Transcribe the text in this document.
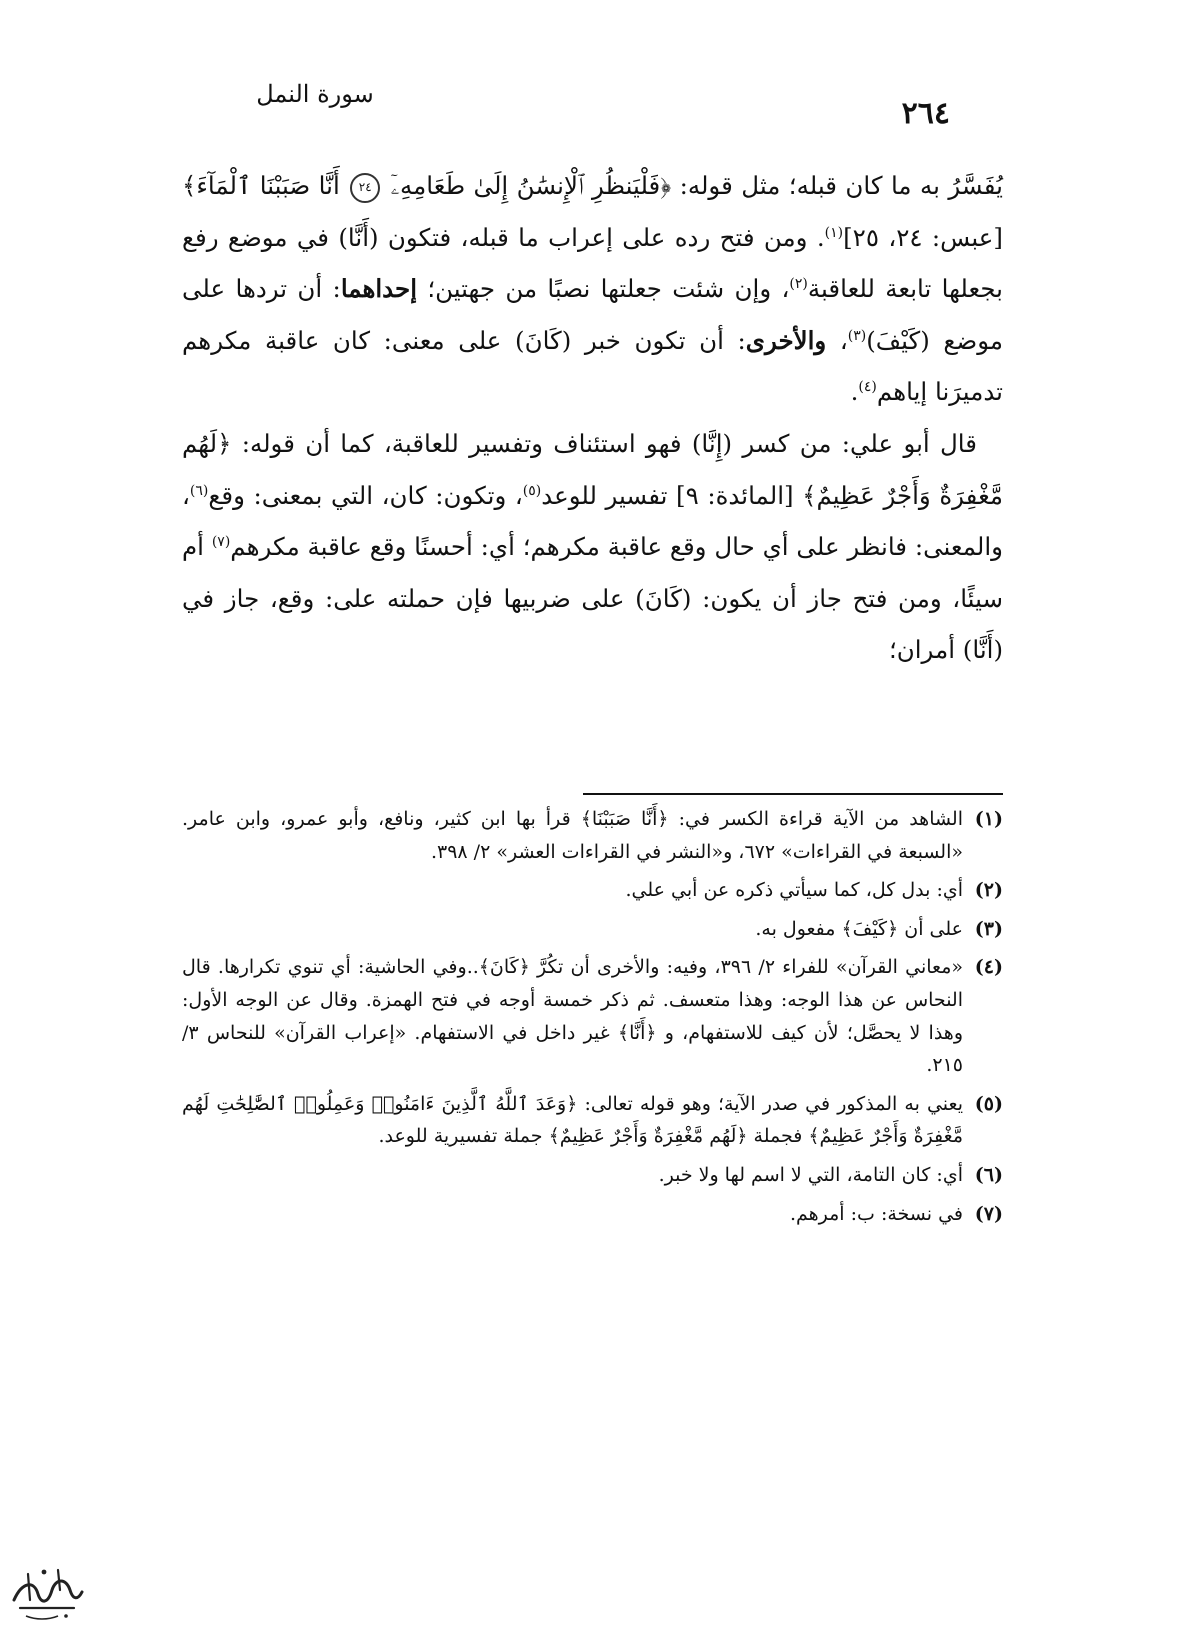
٢٦٤
سورة النمل

يُفَسَّرُ به ما كان قبله؛ مثل قوله: ﴿فَلْيَنظُرِ ٱلْإِنسَٰنُ إِلَىٰ طَعَامِهِۦٓ ٢٤ أَنَّا صَبَبْنَا ٱلْمَآءَ﴾ [عبس: ٢٤، ٢٥]$^{(١)}$. ومن فتح رده على إعراب ما قبله، فتكون (أَنَّا) في موضع رفع بجعلها تابعة للعاقبة$^{(٢)}$، وإن شئت جعلتها نصبًا من جهتين؛ إحداهما: أن تردها على موضع (كَيْفَ)$^{(٣)}$، والأخرى: أن تكون خبر (كَانَ) على معنى: كان عاقبة مكرهم تدميرَنا إياهم$^{(٤)}$.

قال أبو علي: من كسر (إِنَّا) فهو استئناف وتفسير للعاقبة، كما أن قوله: ﴿لَهُم مَّغْفِرَةٌ وَأَجْرٌ عَظِيمٌ﴾ [المائدة: ٩] تفسير للوعد$^{(٥)}$، وتكون: كان، التي بمعنى: وقع$^{(٦)}$، والمعنى: فانظر على أي حال وقع عاقبة مكرهم؛ أي: أحسنًا وقع عاقبة مكرهم$^{(٧)}$ أم سيئًا، ومن فتح جاز أن يكون: (كَانَ) على ضربيها فإن حملته على: وقع، جاز في (أَنَّا) أمران؛

(١)
الشاهد من الآية قراءة الكسر في: ﴿أَنَّا صَبَبْنَا﴾ قرأ بها ابن كثير، ونافع، وأبو عمرو، وابن عامر. «السبعة في القراءات» ٦٧٢، و«النشر في القراءات العشر» ٢/ ٣٩٨.
(٢)
أي: بدل كل، كما سيأتي ذكره عن أبي علي.
(٣)
على أن ﴿كَيْفَ﴾ مفعول به.
(٤)
«معاني القرآن» للفراء ٢/ ٣٩٦، وفيه: والأخرى أن تكُرَّ ﴿كَانَ﴾..وفي الحاشية: أي تنوي تكرارها. قال النحاس عن هذا الوجه: وهذا متعسف. ثم ذكر خمسة أوجه في فتح الهمزة. وقال عن الوجه الأول: وهذا لا يحصَّل؛ لأن كيف للاستفهام، و ﴿أَنَّا﴾ غير داخل في الاستفهام. «إعراب القرآن» للنحاس ٣/ ٢١٥.
(٥)
يعني به المذكور في صدر الآية؛ وهو قوله تعالى: ﴿وَعَدَ ٱللَّهُ ٱلَّذِينَ ءَامَنُوا۟ وَعَمِلُوا۟ ٱلصَّٰلِحَٰتِ لَهُم مَّغْفِرَةٌ وَأَجْرٌ عَظِيمٌ﴾ فجملة ﴿لَهُم مَّغْفِرَةٌ وَأَجْرٌ عَظِيمٌ﴾ جملة تفسيرية للوعد.
(٦)
أي: كان التامة، التي لا اسم لها ولا خبر.
(٧)
في نسخة: ب: أمرهم.
